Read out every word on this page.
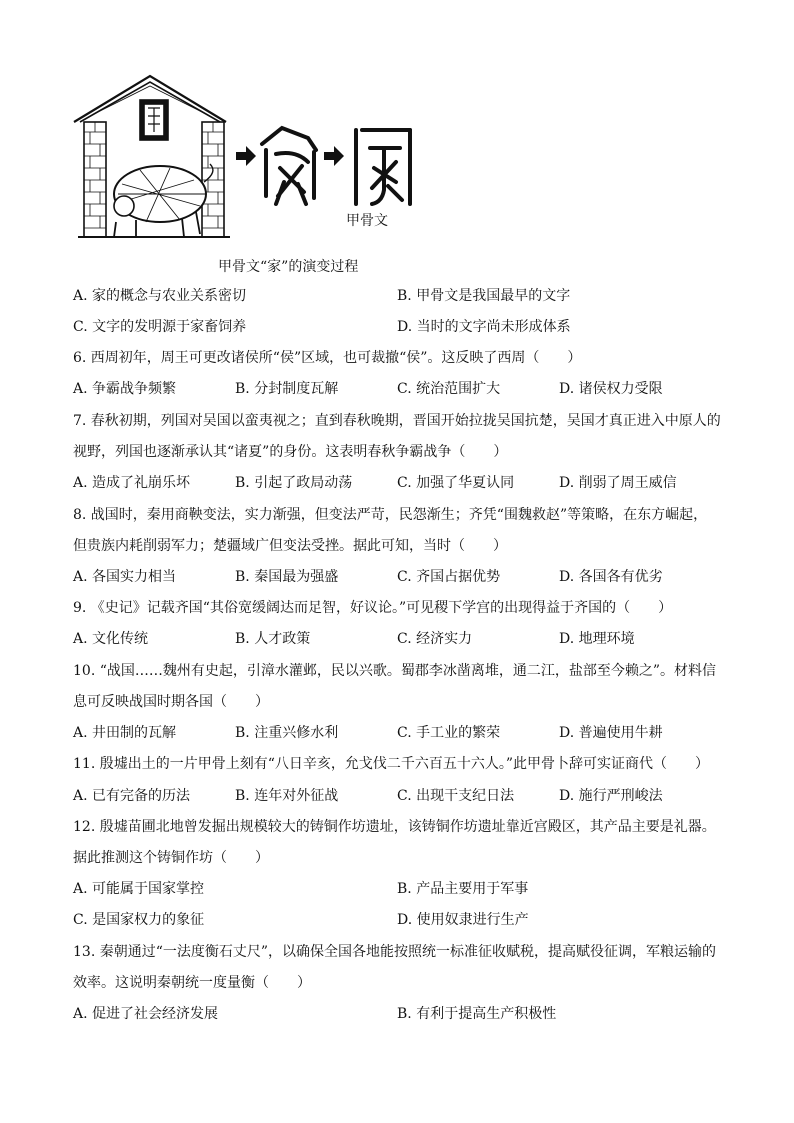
甲骨文
甲骨文“家”的演变过程
A. 家的概念与农业关系密切	B. 甲骨文是我国最早的文字
C. 文字的发明源于家畜饲养	D. 当时的文字尚未形成体系
6. 西周初年，周王可更改诸侯所“侯”区域，也可裁撤“侯”。这反映了西周（　　）
A. 争霸战争频繁	B. 分封制度瓦解	C. 统治范围扩大	D. 诸侯权力受限
7. 春秋初期，列国对吴国以蛮夷视之；直到春秋晚期，晋国开始拉拢吴国抗楚，吴国才真正进入中原人的
视野，列国也逐渐承认其“诸夏”的身份。这表明春秋争霸战争（　　）
A. 造成了礼崩乐坏	B. 引起了政局动荡	C. 加强了华夏认同	D. 削弱了周王威信
8. 战国时，秦用商鞅变法，实力渐强，但变法严苛，民怨渐生；齐凭“围魏救赵”等策略，在东方崛起，
但贵族内耗削弱军力；楚疆域广但变法受挫。据此可知，当时（　　）
A. 各国实力相当	B. 秦国最为强盛	C. 齐国占据优势	D. 各国各有优劣
9. 《史记》记载齐国“其俗宽缓阔达而足智，好议论。”可见稷下学宫的出现得益于齐国的（　　）
A. 文化传统	B. 人才政策	C. 经济实力	D. 地理环境
10. “战国……魏州有史起，引漳水灌邺，民以兴歌。蜀郡李冰凿离堆，通二江，盐部至今赖之”。材料信
息可反映战国时期各国（　　）
A. 井田制的瓦解	B. 注重兴修水利	C. 手工业的繁荣	D. 普遍使用牛耕
11. 殷墟出土的一片甲骨上刻有“八日辛亥，允戈伐二千六百五十六人。”此甲骨卜辞可实证商代（　　）
A. 已有完备的历法	B. 连年对外征战	C. 出现干支纪日法	D. 施行严刑峻法
12. 殷墟苗圃北地曾发掘出规模较大的铸铜作坊遗址，该铸铜作坊遗址靠近宫殿区，其产品主要是礼器。
据此推测这个铸铜作坊（　　）
A. 可能属于国家掌控	B. 产品主要用于军事
C. 是国家权力的象征	D. 使用奴隶进行生产
13. 秦朝通过“一法度衡石丈尺”，以确保全国各地能按照统一标准征收赋税，提高赋役征调，军粮运输的
效率。这说明秦朝统一度量衡（　　）
A. 促进了社会经济发展	B. 有利于提高生产积极性
